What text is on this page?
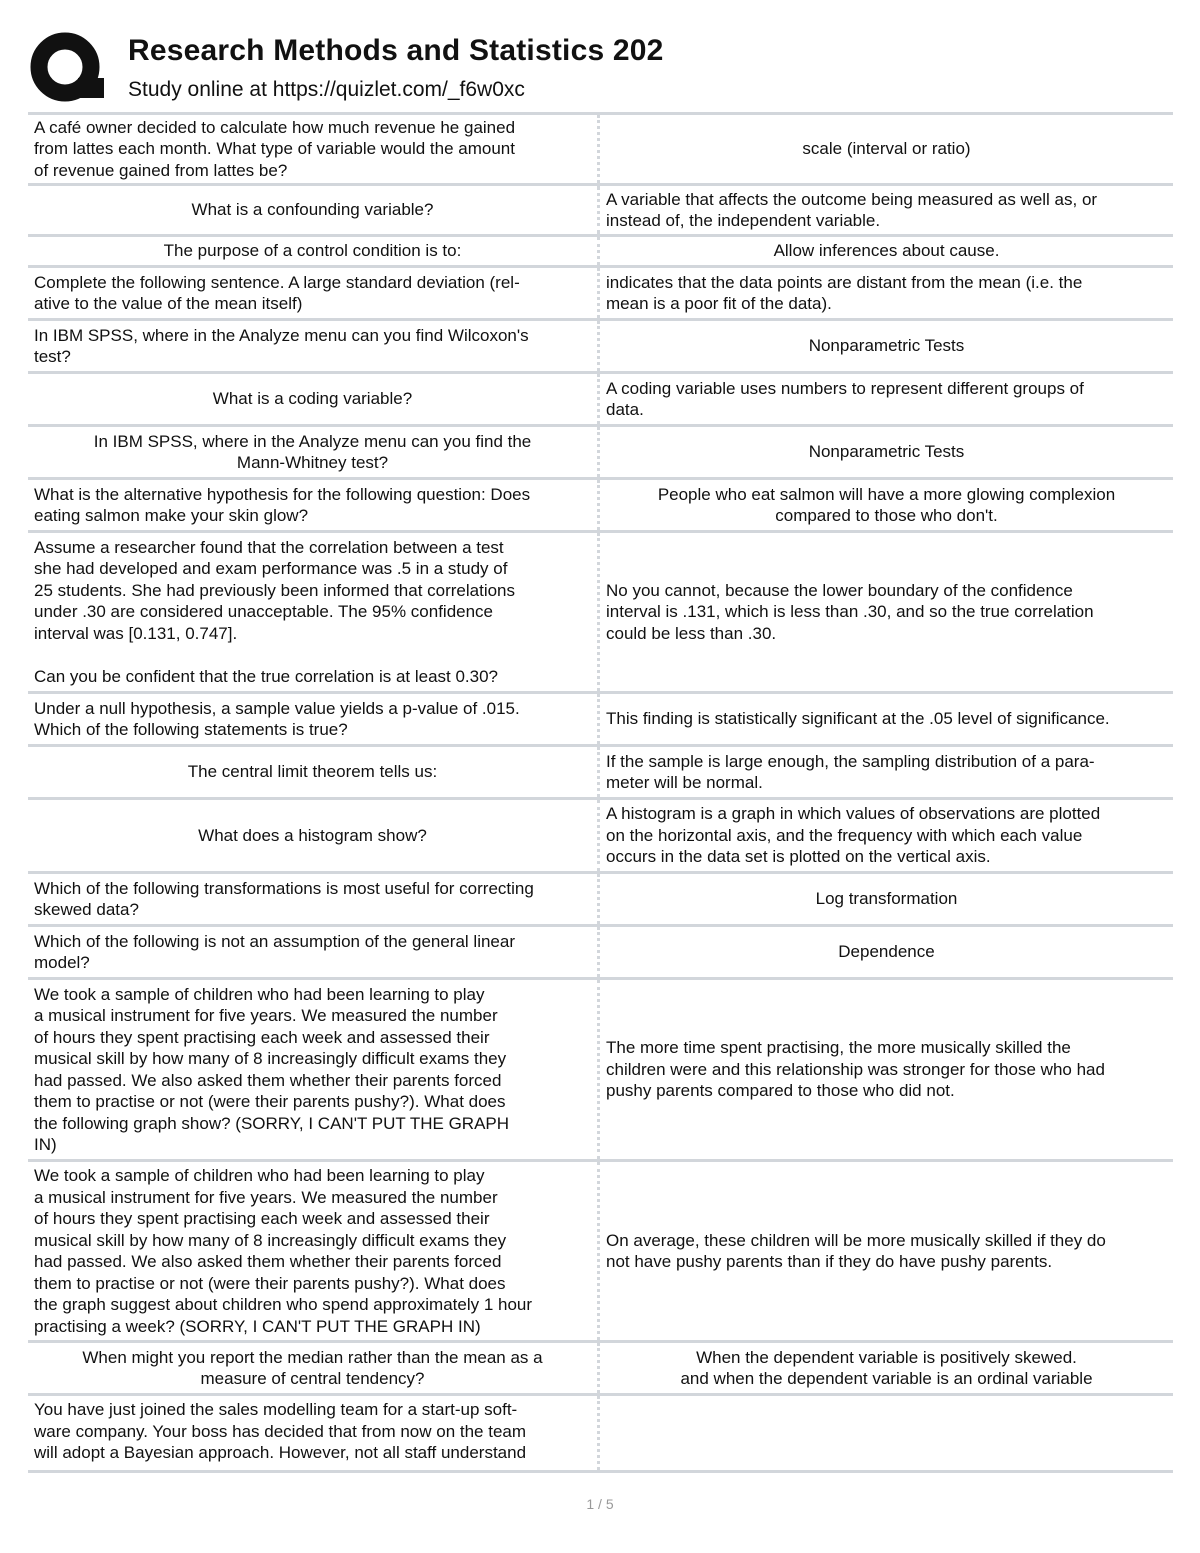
Research Methods and Statistics 202
Study online at https://quizlet.com/_f6w0xc
A café owner decided to calculate how much revenue he gained
from lattes each month. What type of variable would the amount
of revenue gained from lattes be?
scale (interval or ratio)
What is a confounding variable?
A variable that affects the outcome being measured as well as, or
instead of, the independent variable.
The purpose of a control condition is to:	Allow inferences about cause.
Complete the following sentence. A large standard deviation (rel-
ative to the value of the mean itself)
indicates that the data points are distant from the mean (i.e. the
mean is a poor fit of the data).
In IBM SPSS, where in the Analyze menu can you find Wilcoxon's
test?
Nonparametric Tests
What is a coding variable?
A coding variable uses numbers to represent different groups of
data.
In IBM SPSS, where in the Analyze menu can you find the
Mann-Whitney test?
Nonparametric Tests
What is the alternative hypothesis for the following question: Does
eating salmon make your skin glow?
People who eat salmon will have a more glowing complexion
compared to those who don't.
Assume a researcher found that the correlation between a test
she had developed and exam performance was .5 in a study of
25 students. She had previously been informed that correlations
under .30 are considered unacceptable. The 95% confidence
interval was [0.131, 0.747].

Can you be confident that the true correlation is at least 0.30?
No you cannot, because the lower boundary of the confidence
interval is .131, which is less than .30, and so the true correlation
could be less than .30.
Under a null hypothesis, a sample value yields a p-value of .015.
Which of the following statements is true?
This finding is statistically significant at the .05 level of significance.
The central limit theorem tells us:
If the sample is large enough, the sampling distribution of a para-
meter will be normal.
What does a histogram show?
A histogram is a graph in which values of observations are plotted
on the horizontal axis, and the frequency with which each value
occurs in the data set is plotted on the vertical axis.
Which of the following transformations is most useful for correcting
skewed data?
Log transformation
Which of the following is not an assumption of the general linear
model?
Dependence
We took a sample of children who had been learning to play
a musical instrument for five years. We measured the number
of hours they spent practising each week and assessed their
musical skill by how many of 8 increasingly difficult exams they
had passed. We also asked them whether their parents forced
them to practise or not (were their parents pushy?). What does
the following graph show? (SORRY, I CAN'T PUT THE GRAPH
IN)
The more time spent practising, the more musically skilled the
children were and this relationship was stronger for those who had
pushy parents compared to those who did not.
We took a sample of children who had been learning to play
a musical instrument for five years. We measured the number
of hours they spent practising each week and assessed their
musical skill by how many of 8 increasingly difficult exams they
had passed. We also asked them whether their parents forced
them to practise or not (were their parents pushy?). What does
the graph suggest about children who spend approximately 1 hour
practising a week? (SORRY, I CAN'T PUT THE GRAPH IN)
On average, these children will be more musically skilled if they do
not have pushy parents than if they do have pushy parents.
When might you report the median rather than the mean as a
measure of central tendency?
When the dependent variable is positively skewed.
and when the dependent variable is an ordinal variable
You have just joined the sales modelling team for a start-up soft-
ware company. Your boss has decided that from now on the team
will adopt a Bayesian approach. However, not all staff understand
1 / 5
